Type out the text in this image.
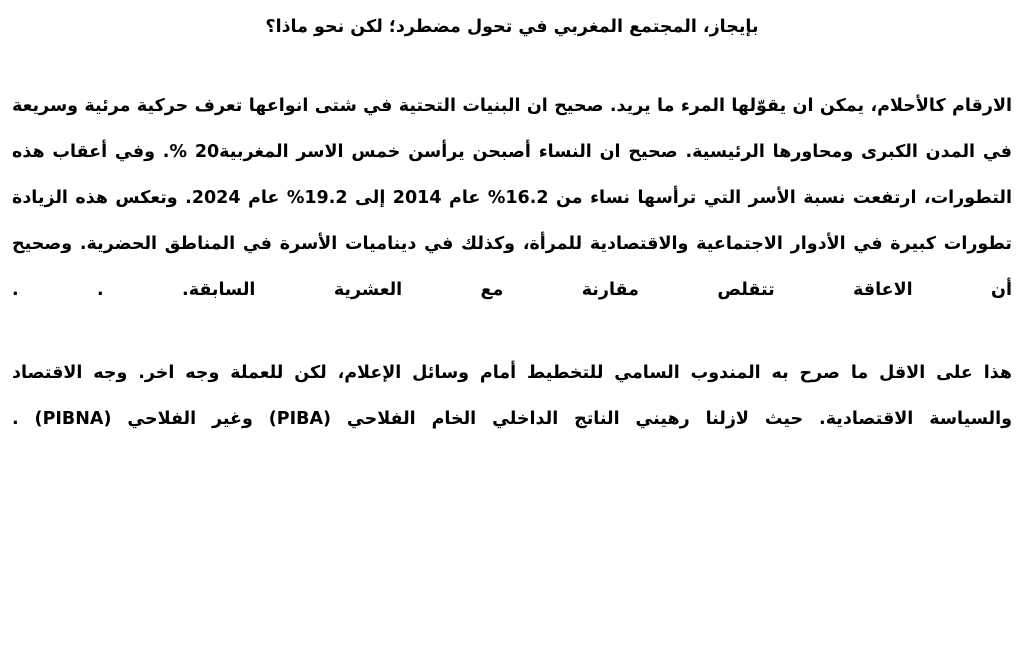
بإيجاز، المجتمع المغربي في تحول مضطرد؛ لكن نحو ماذا؟

الارقام كالأحلام، يمكن ان يقوّلها المرء ما يريد. صحيح ان البنيات التحتية في شتى انواعها تعرف حركية مرئية وسريعة في المدن الكبرى ومحاورها الرئيسية. صحيح ان النساء أصبحن يرأسن خمس الاسر المغربية20 %. وفي أعقاب هذه التطورات، ارتفعت نسبة الأسر التي ترأسها نساء من 16.2% عام 2014 إلى 19.2% عام 2024. وتعكس هذه الزيادة تطورات كبيرة في الأدوار الاجتماعية والاقتصادية للمرأة، وكذلك في ديناميات الأسرة في المناطق الحضرية. وصحيح أن الاعاقة تتقلص مقارنة مع العشرية السابقة. . .

هذا على الاقل ما صرح به المندوب السامي للتخطيط أمام وسائل الإعلام، لكن للعملة وجه اخر. وجه الاقتصاد والسياسة الاقتصادية. حيث لازلنا رهيني الناتج الداخلي الخام الفلاحي (PIBA) وغير الفلاحي (PIBNA) .
